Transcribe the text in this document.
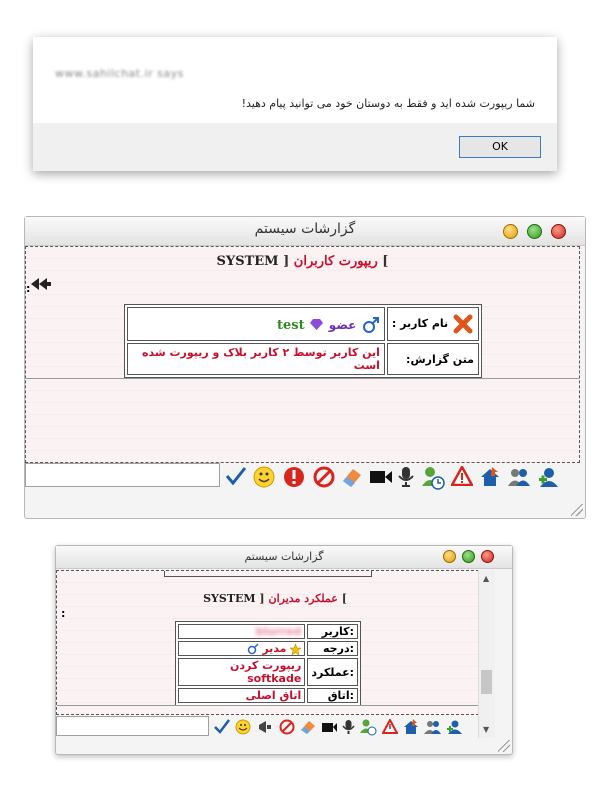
www.sahilchat.ir says
شما ریپورت شده اید و فقط به دوستان خود می توانید پیام دهید!
OK
گزارشات سیستم
SYSTEM ] ریپورت کاربران [
:
عضو  test	: نام کاربر
این کاربر توسط ۲ کاربر بلاک و ریپورت شده است	:متن گزارش
گزارشات سیستم
SYSTEM ] عملکرد مدیران [
:
blurred	کاربر:
مدیر	درجه:
ریپورت کردن softkade	عملکرد:
اتاق اصلی	اتاق:
▲
▼
